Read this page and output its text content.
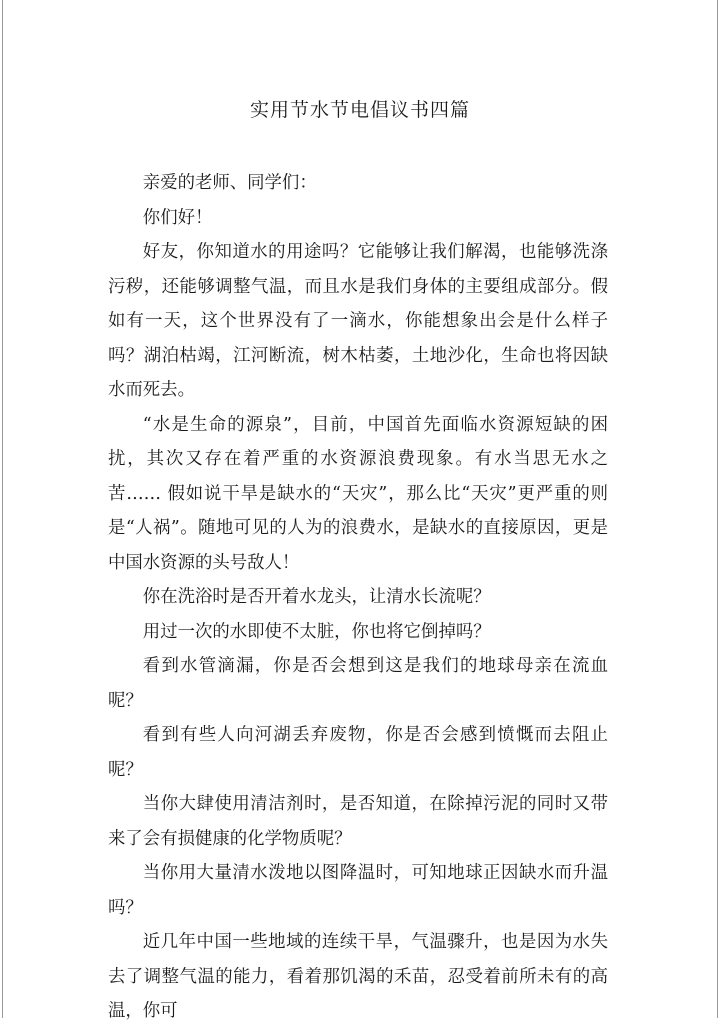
实用节水节电倡议书四篇

亲爱的老师、同学们：

你们好！

好友，你知道水的用途吗？它能够让我们解渴，也能够洗涤污秽，还能够调整气温，而且水是我们身体的主要组成部分。假如有一天，这个世界没有了一滴水，你能想象出会是什么样子吗？湖泊枯竭，江河断流，树木枯萎，土地沙化，生命也将因缺水而死去。

“水是生命的源泉”，目前，中国首先面临水资源短缺的困扰，其次又存在着严重的水资源浪费现象。有水当思无水之苦…… 假如说干旱是缺水的“天灾”，那么比“天灾”更严重的则是“人祸”。随地可见的人为的浪费水，是缺水的直接原因，更是中国水资源的头号敌人！

你在洗浴时是否开着水龙头，让清水长流呢？

用过一次的水即使不太脏，你也将它倒掉吗？

看到水管滴漏，你是否会想到这是我们的地球母亲在流血呢？

看到有些人向河湖丢弃废物，你是否会感到愤慨而去阻止呢？

当你大肆使用清洁剂时，是否知道，在除掉污泥的同时又带来了会有损健康的化学物质呢？

当你用大量清水泼地以图降温时，可知地球正因缺水而升温吗？

近几年中国一些地域的连续干旱，气温骤升，也是因为水失去了调整气温的能力，看着那饥渴的禾苗，忍受着前所未有的高温，你可
